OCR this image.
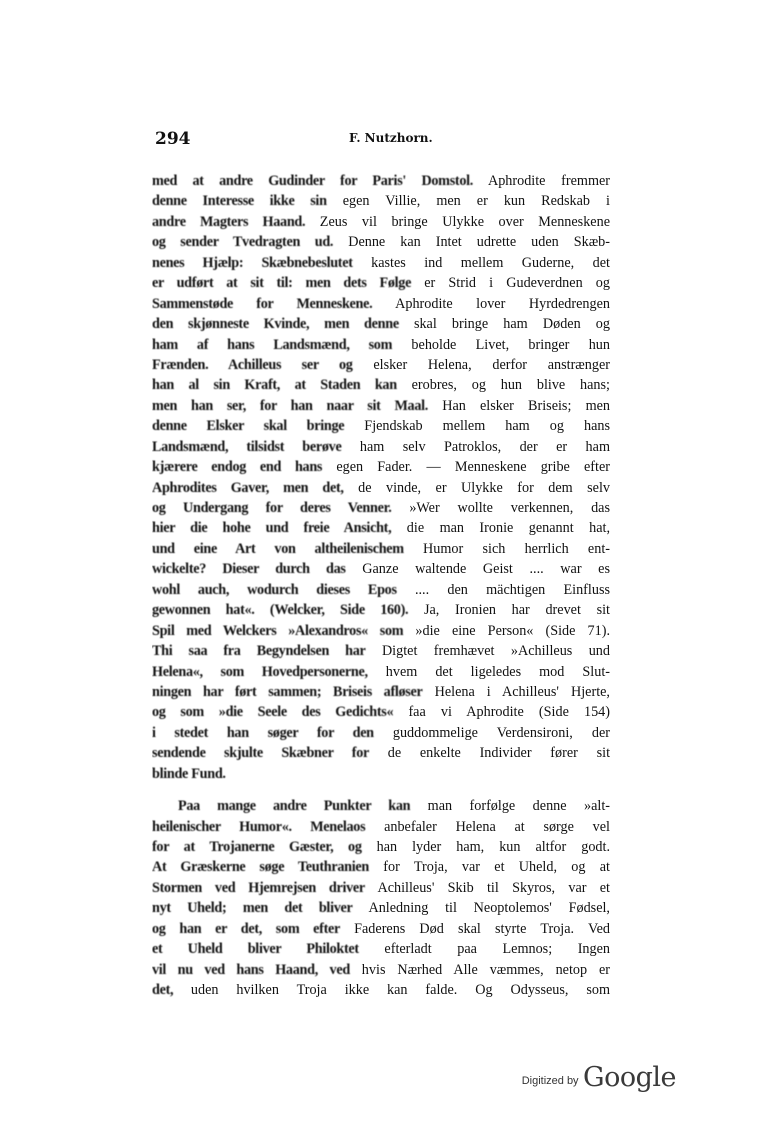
294	F. Nutzhorn.
med at andre Gudinder for Paris' Domstol. Aphrodite fremmer
denne Interesse ikke sin egen Villie, men er kun Redskab i
andre Magters Haand. Zeus vil bringe Ulykke over Menneskene
og sender Tvedragten ud. Denne kan Intet udrette uden Skæb-
nenes Hjælp: Skæbnebeslutet kastes ind mellem Guderne, det
er udført at sit til: men dets Følge er Strid i Gudeverdnen og
Sammenstøde for Menneskene. Aphrodite lover Hyrdedrengen
den skjønneste Kvinde, men denne skal bringe ham Døden og
ham af hans Landsmænd, som beholde Livet, bringer hun
Frænden. Achilleus ser og elsker Helena, derfor anstrænger
han al sin Kraft, at Staden kan erobres, og hun blive hans;
men han ser, for han naar sit Maal. Han elsker Briseis; men
denne Elsker skal bringe Fjendskab mellem ham og hans
Landsmænd, tilsidst berøve ham selv Patroklos, der er ham
kjærere endog end hans egen Fader. — Menneskene gribe efter
Aphrodites Gaver, men det, de vinde, er Ulykke for dem selv
og Undergang for deres Venner. »Wer wollte verkennen, das
hier die hohe und freie Ansicht, die man Ironie genannt hat,
und eine Art von altheilenischem Humor sich herrlich ent-
wickelte? Dieser durch das Ganze waltende Geist .... war es
wohl auch, wodurch dieses Epos .... den mächtigen Einfluss
gewonnen hat«. (Welcker, Side 160). Ja, Ironien har drevet sit
Spil med Welckers »Alexandros« som »die eine Person« (Side 71).
Thi saa fra Begyndelsen har Digtet fremhævet »Achilleus und
Helena«, som Hovedpersonerne, hvem det ligeledes mod Slut-
ningen har ført sammen; Briseis afløser Helena i Achilleus' Hjerte,
og som »die Seele des Gedichts« faa vi Aphrodite (Side 154)
i stedet han søger for den guddommelige Verdensironi, der
sendende skjulte Skæbner for de enkelte Individer fører sit
blinde Fund.
Paa mange andre Punkter kan man forfølge denne »alt-
heilenischer Humor«. Menelaos anbefaler Helena at sørge vel
for at Trojanerne Gæster, og han lyder ham, kun altfor godt.
At Græskerne søge Teuthranien for Troja, var et Uheld, og at
Stormen ved Hjemrejsen driver Achilleus' Skib til Skyros, var et
nyt Uheld; men det bliver Anledning til Neoptolemos' Fødsel,
og han er det, som efter Faderens Død skal styrte Troja. Ved
et Uheld bliver Philoktet efterladt paa Lemnos; Ingen
vil nu ved hans Haand, ved hvis Nærhed Alle væmmes, netop er
det, uden hvilken Troja ikke kan falde. Og Odysseus, som
Digitized by Google
